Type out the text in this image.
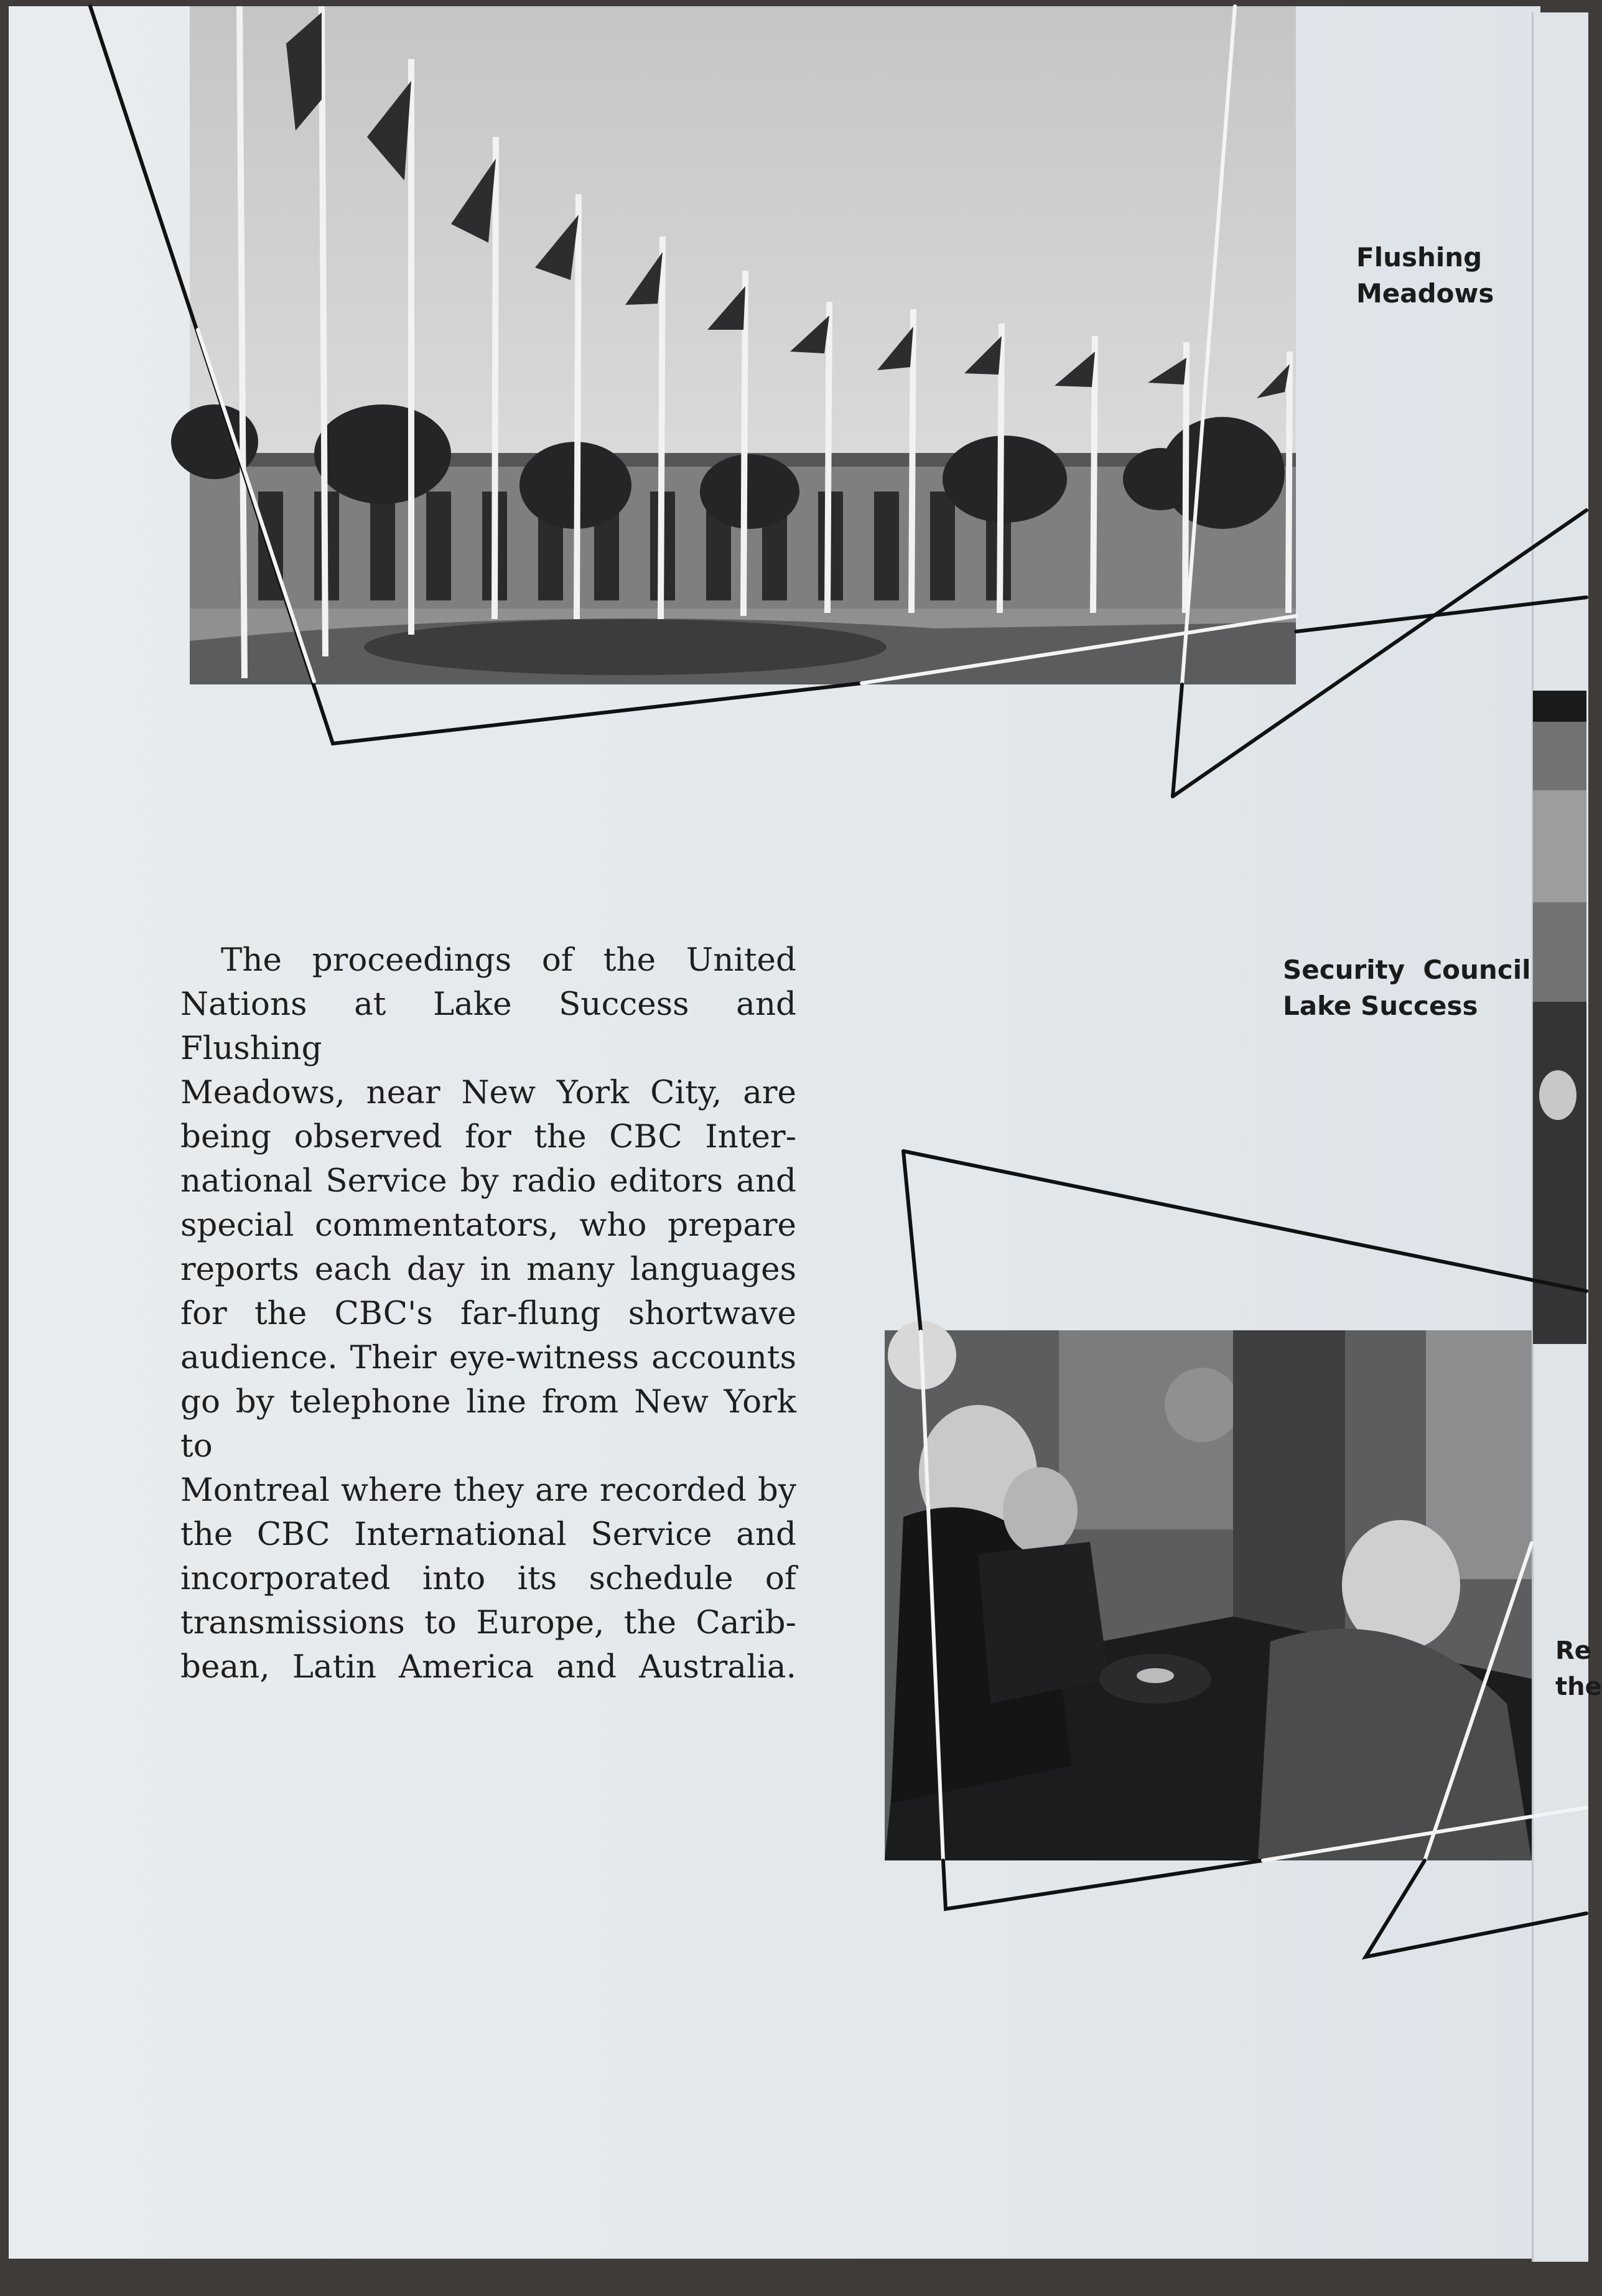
Flushing
Meadows

Security  Council
Lake Success

Re
the

The proceedings of the United
Nations at Lake Success and Flushing
Meadows, near New York City, are
being observed for the CBC Inter-
national Service by radio editors and
special commentators, who prepare
reports each day in many languages
for the CBC's far-flung shortwave
audience. Their eye-witness accounts
go by telephone line from New York to
Montreal where they are recorded by
the CBC International Service and
incorporated into its schedule of
transmissions to Europe, the Carib-
bean, Latin America and Australia.
